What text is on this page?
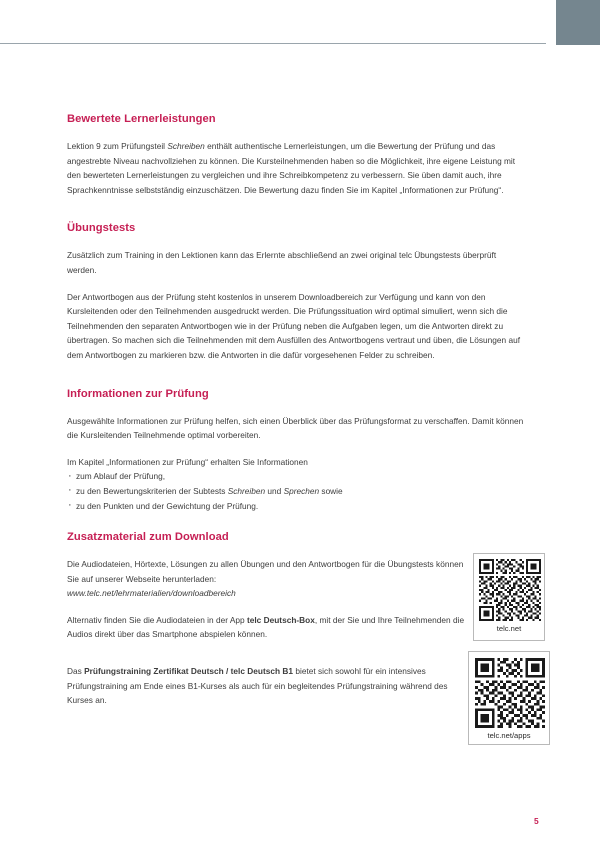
Bewertete Lernerleistungen

Lektion 9 zum Prüfungsteil Schreiben enthält authentische Lernerleistungen, um die Bewertung der Prüfung und das angestrebte Niveau nachvollziehen zu können. Die Kursteilnehmenden haben so die Möglichkeit, ihre eigene Leistung mit den bewerteten Lernerleistungen zu vergleichen und ihre Schreibkompetenz zu verbessern. Sie üben damit auch, ihre Sprachkenntnisse selbstständig einzuschätzen. Die Bewertung dazu finden Sie im Kapitel „Informationen zur Prüfung“.

Übungstests

Zusätzlich zum Training in den Lektionen kann das Erlernte abschließend an zwei original telc Übungstests überprüft werden.

Der Antwortbogen aus der Prüfung steht kostenlos in unserem Downloadbereich zur Verfügung und kann von den Kursleitenden oder den Teilnehmenden ausgedruckt werden. Die Prüfungssituation wird optimal simuliert, wenn sich die Teilnehmenden den separaten Antwortbogen wie in der Prüfung neben die Aufgaben legen, um die Antworten direkt zu übertragen. So machen sich die Teilnehmenden mit dem Ausfüllen des Antwortbogens vertraut und üben, die Lösungen auf dem Antwortbogen zu markieren bzw. die Antworten in die dafür vorgesehenen Felder zu schreiben.

Informationen zur Prüfung

Ausgewählte Informationen zur Prüfung helfen, sich einen Überblick über das Prüfungsformat zu verschaffen. Damit können die Kursleitenden Teilnehmende optimal vorbereiten.

Im Kapitel „Informationen zur Prüfung“ erhalten Sie Informationen

· zum Ablauf der Prüfung,
· zu den Bewertungskriterien der Subtests Schreiben und Sprechen sowie
· zu den Punkten und der Gewichtung der Prüfung.
Zusatzmaterial zum Download

Die Audiodateien, Hörtexte, Lösungen zu allen Übungen und den Antwortbogen für die Übungstests können Sie auf unserer Webseite herunterladen:
www.telc.net/lehrmaterialien/downloadbereich

Alternativ finden Sie die Audiodateien in der App telc Deutsch-Box, mit der Sie und Ihre Teilnehmenden die Audios direkt über das Smartphone abspielen können.

Das Prüfungstraining Zertifikat Deutsch / telc Deutsch B1 bietet sich sowohl für ein intensives Prüfungstraining am Ende eines B1-Kurses als auch für ein begleitendes Prüfungstraining während des Kurses an.

telc.net
telc.net/apps
5
